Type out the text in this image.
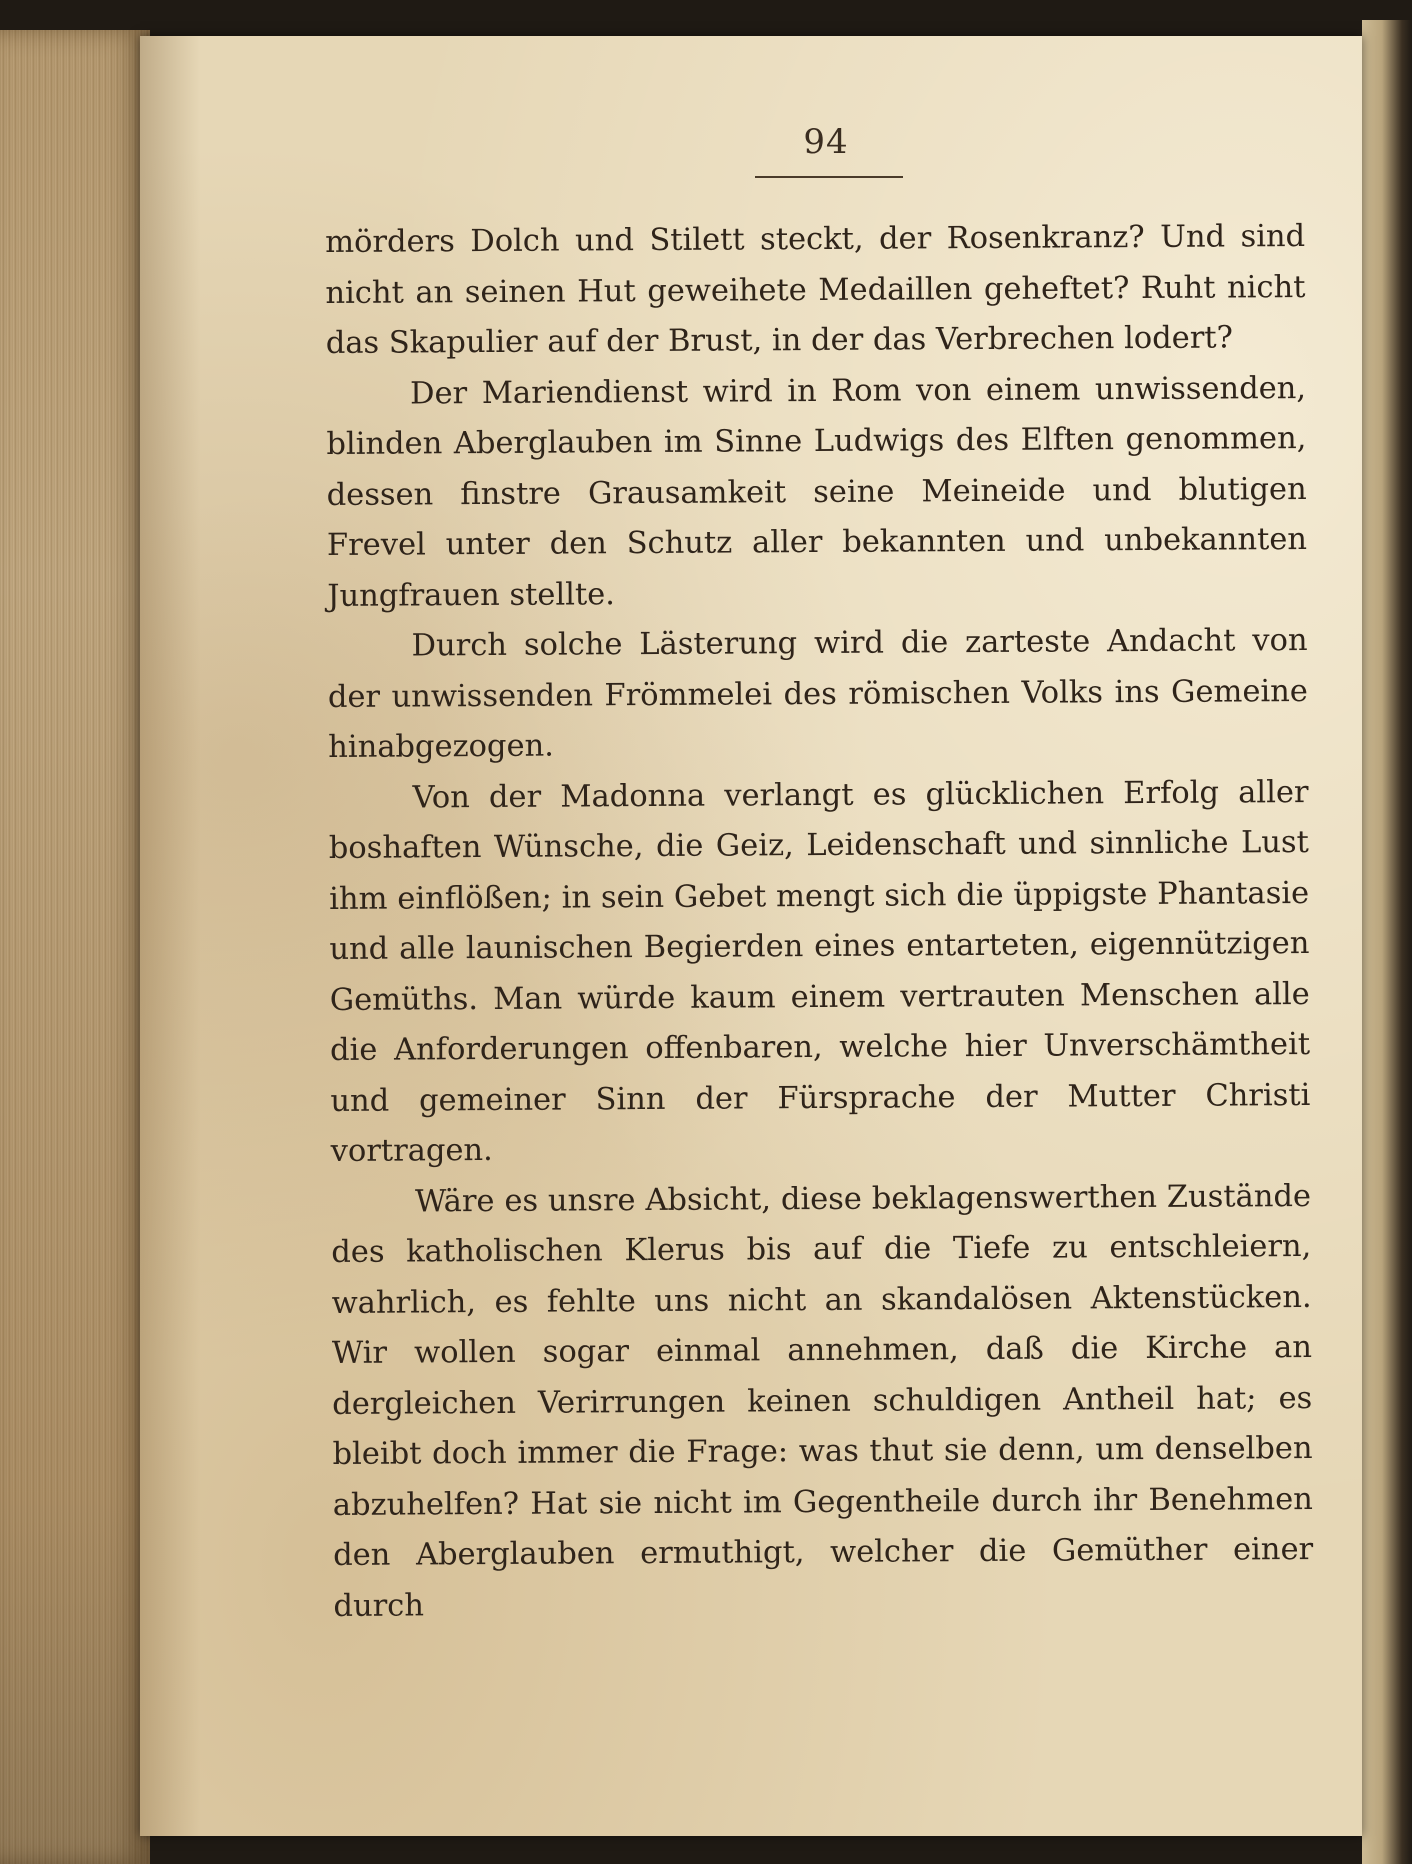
94

mörders Dolch und Stilett steckt, der Rosenkranz? Und sind nicht an seinen Hut geweihete Medaillen geheftet? Ruht nicht das Skapulier auf der Brust, in der das Verbrechen lodert?

Der Mariendienst wird in Rom von einem unwissenden, blinden Aberglauben im Sinne Ludwigs des Elften genommen, dessen finstre Grausamkeit seine Meineide und blutigen Frevel unter den Schutz aller bekannten und unbekannten Jungfrauen stellte.

Durch solche Lästerung wird die zarteste Andacht von der unwissenden Frömmelei des römischen Volks ins Gemeine hinabgezogen.

Von der Madonna verlangt es glücklichen Erfolg aller boshaften Wünsche, die Geiz, Leidenschaft und sinnliche Lust ihm einflößen; in sein Gebet mengt sich die üppigste Phantasie und alle launischen Begierden eines entarteten, eigennützigen Gemüths. Man würde kaum einem vertrauten Menschen alle die Anforderungen offenbaren, welche hier Unverschämtheit und gemeiner Sinn der Fürsprache der Mutter Christi vortragen.

Wäre es unsre Absicht, diese beklagenswerthen Zustände des katholischen Klerus bis auf die Tiefe zu entschleiern, wahrlich, es fehlte uns nicht an skandalösen Aktenstücken. Wir wollen sogar einmal annehmen, daß die Kirche an dergleichen Verirrungen keinen schuldigen Antheil hat; es bleibt doch immer die Frage: was thut sie denn, um denselben abzuhelfen? Hat sie nicht im Gegentheile durch ihr Benehmen den Aberglauben ermuthigt, welcher die Gemüther einer durch
